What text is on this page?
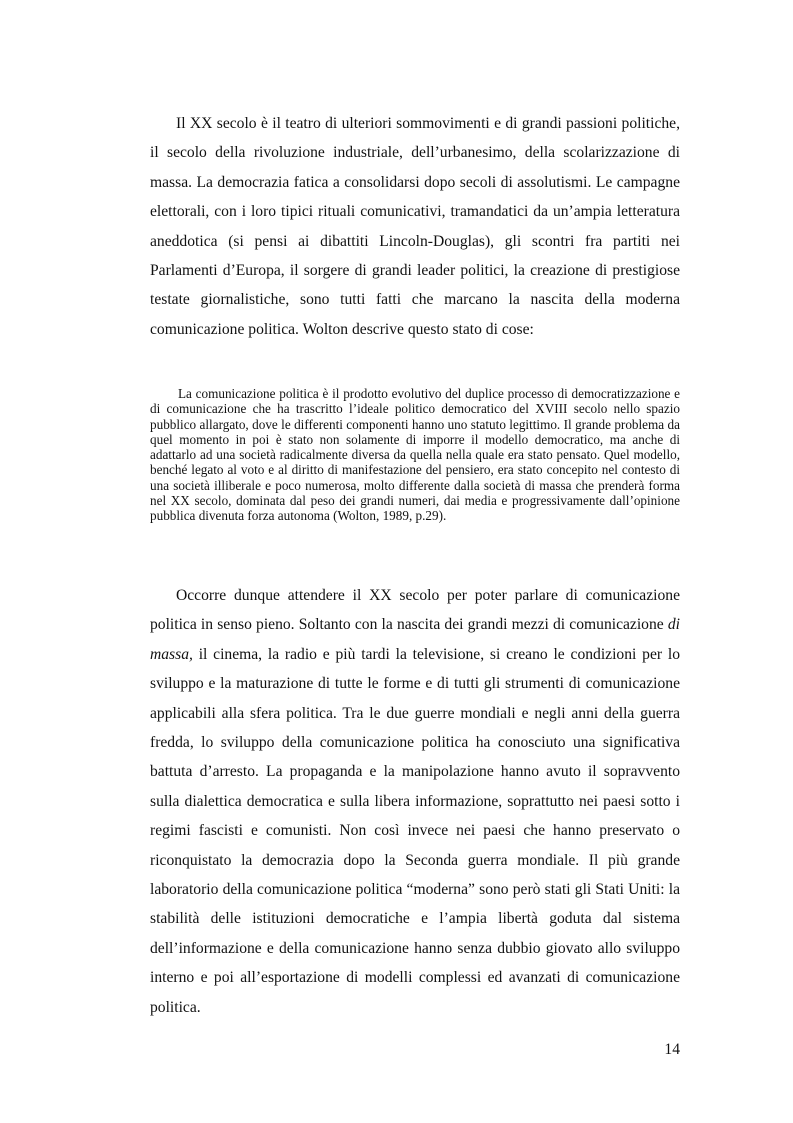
Il XX secolo è il teatro di ulteriori sommovimenti e di grandi passioni politiche, il secolo della rivoluzione industriale, dell’urbanesimo, della scolarizzazione di massa. La democrazia fatica a consolidarsi dopo secoli di assolutismi. Le campagne elettorali, con i loro tipici rituali comunicativi, tramandatici da un’ampia letteratura aneddotica (si pensi ai dibattiti Lincoln-Douglas), gli scontri fra partiti nei Parlamenti d’Europa, il sorgere di grandi leader politici, la creazione di prestigiose testate giornalistiche, sono tutti fatti che marcano la nascita della moderna comunicazione politica. Wolton descrive questo stato di cose:

La comunicazione politica è il prodotto evolutivo del duplice processo di democratizzazione e di comunicazione che ha trascritto l’ideale politico democratico del XVIII secolo nello spazio pubblico allargato, dove le differenti componenti hanno uno statuto legittimo. Il grande problema da quel momento in poi è stato non solamente di imporre il modello democratico, ma anche di adattarlo ad una società radicalmente diversa da quella nella quale era stato pensato. Quel modello, benché legato al voto e al diritto di manifestazione del pensiero, era stato concepito nel contesto di una società illiberale e poco numerosa, molto differente dalla società di massa che prenderà forma nel XX secolo, dominata dal peso dei grandi numeri, dai media e progressivamente dall’opinione pubblica divenuta forza autonoma (Wolton, 1989, p.29).

Occorre dunque attendere il XX secolo per poter parlare di comunicazione politica in senso pieno. Soltanto con la nascita dei grandi mezzi di comunicazione di massa, il cinema, la radio e più tardi la televisione, si creano le condizioni per lo sviluppo e la maturazione di tutte le forme e di tutti gli strumenti di comunicazione applicabili alla sfera politica. Tra le due guerre mondiali e negli anni della guerra fredda, lo sviluppo della comunicazione politica ha conosciuto una significativa battuta d’arresto. La propaganda e la manipolazione hanno avuto il sopravvento sulla dialettica democratica e sulla libera informazione, soprattutto nei paesi sotto i regimi fascisti e comunisti. Non così invece nei paesi che hanno preservato o riconquistato la democrazia dopo la Seconda guerra mondiale. Il più grande laboratorio della comunicazione politica “moderna” sono però stati gli Stati Uniti: la stabilità delle istituzioni democratiche e l’ampia libertà goduta dal sistema dell’informazione e della comunicazione hanno senza dubbio giovato allo sviluppo interno e poi all’esportazione di modelli complessi ed avanzati di comunicazione politica.

14
